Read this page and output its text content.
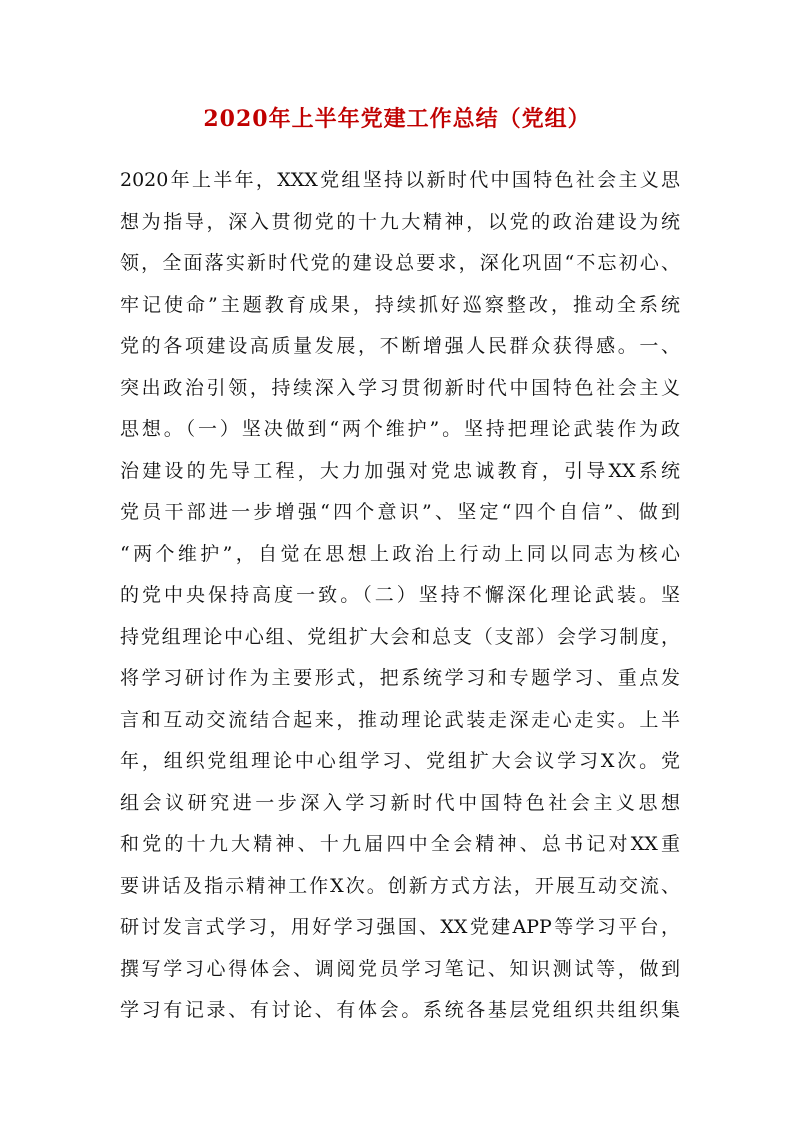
2020年上半年党建工作总结（党组）
2020年上半年，XXX党组坚持以新时代中国特色社会主义思
想为指导，深入贯彻党的十九大精神，以党的政治建设为统
领，全面落实新时代党的建设总要求，深化巩固“不忘初心、
牢记使命”主题教育成果，持续抓好巡察整改，推动全系统
党的各项建设高质量发展，不断增强人民群众获得感。一、
突出政治引领，持续深入学习贯彻新时代中国特色社会主义
思想。（一）坚决做到“两个维护”。坚持把理论武装作为政
治建设的先导工程，大力加强对党忠诚教育，引导XX系统
党员干部进一步增强“四个意识”、坚定“四个自信”、做到
“两个维护”，自觉在思想上政治上行动上同以同志为核心
的党中央保持高度一致。（二）坚持不懈深化理论武装。坚
持党组理论中心组、党组扩大会和总支（支部）会学习制度，
将学习研讨作为主要形式，把系统学习和专题学习、重点发
言和互动交流结合起来，推动理论武装走深走心走实。上半
年，组织党组理论中心组学习、党组扩大会议学习X次。党
组会议研究进一步深入学习新时代中国特色社会主义思想
和党的十九大精神、十九届四中全会精神、总书记对XX重
要讲话及指示精神工作X次。创新方式方法，开展互动交流、
研讨发言式学习，用好学习强国、XX党建APP等学习平台，
撰写学习心得体会、调阅党员学习笔记、知识测试等，做到
学习有记录、有讨论、有体会。系统各基层党组织共组织集
